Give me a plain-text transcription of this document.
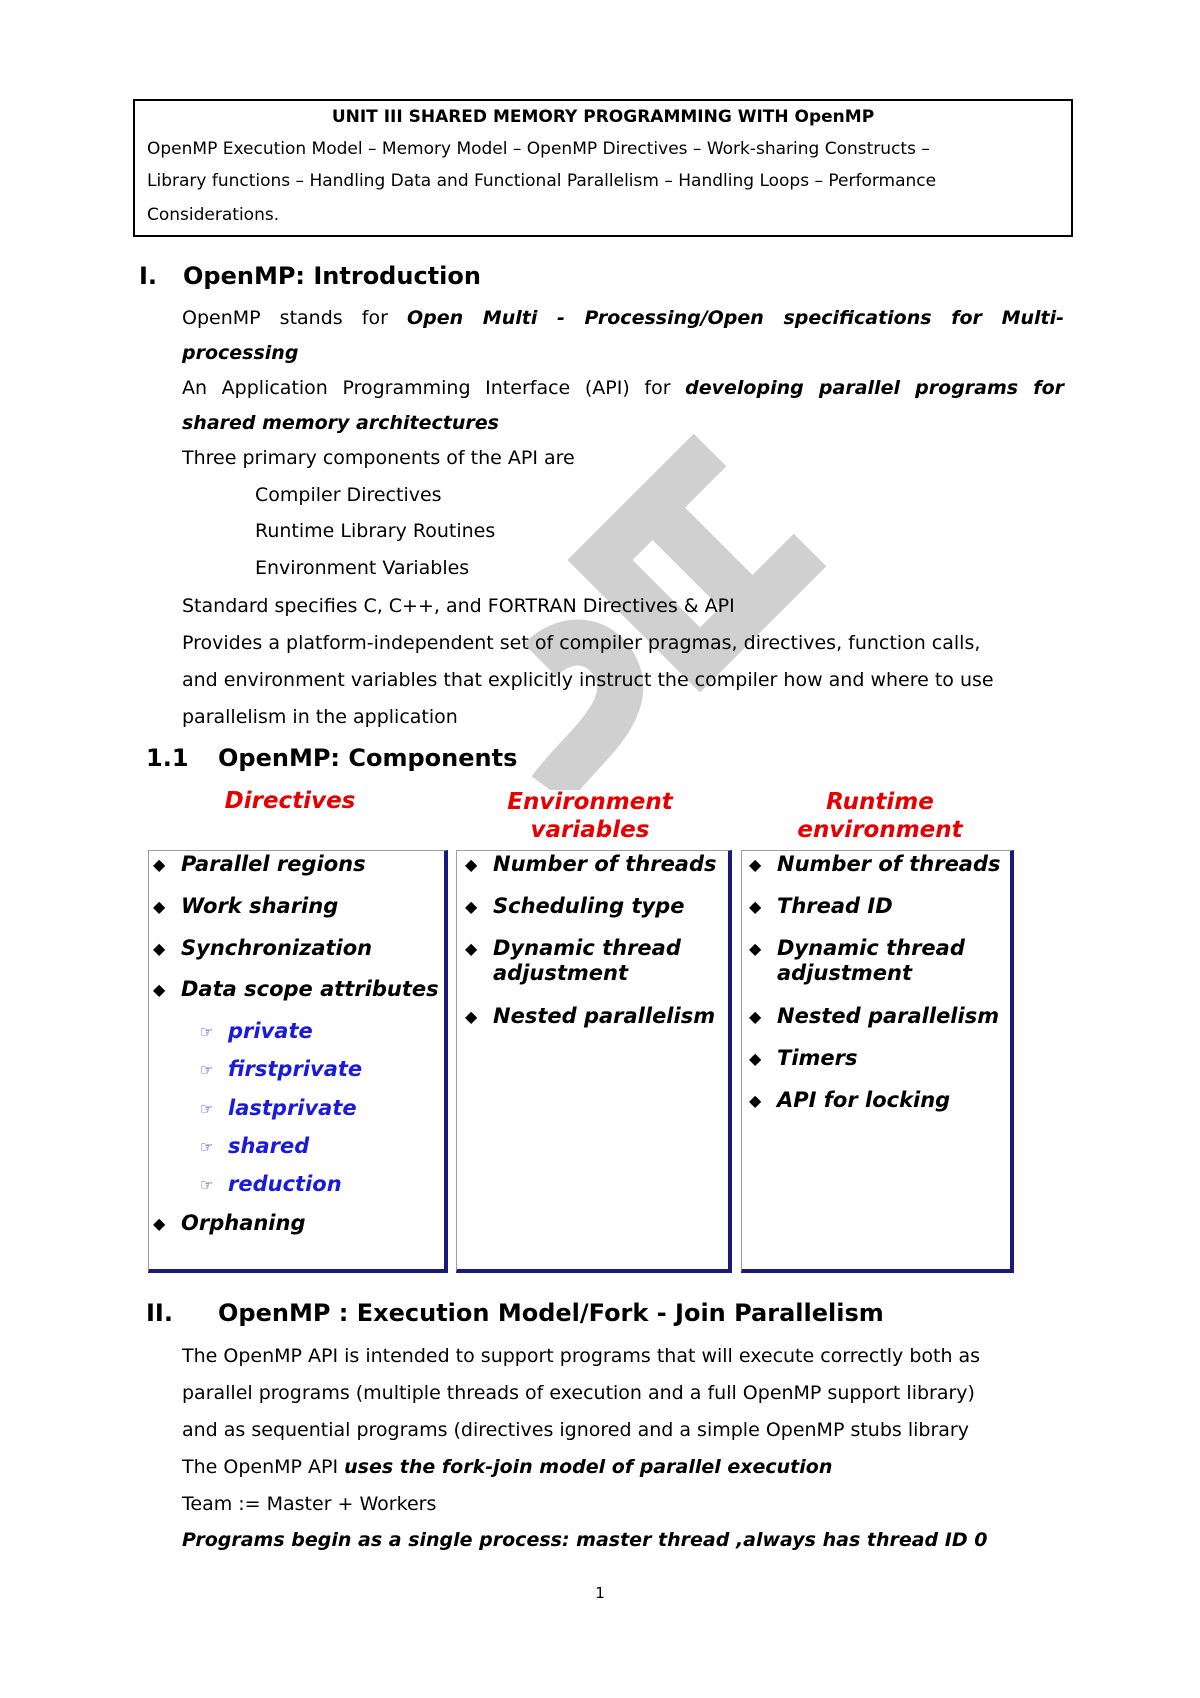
UNIT III SHARED MEMORY PROGRAMMING WITH OpenMP
OpenMP Execution Model – Memory Model – OpenMP Directives – Work-sharing Constructs –
Library functions – Handling Data and Functional Parallelism – Handling Loops – Performance
Considerations.
I. OpenMP: Introduction
OpenMP stands for Open Multi - Processing/Open specifications for Multi-
processing
An Application Programming Interface (API) for developing parallel programs for
shared memory architectures
Three primary components of the API are
Compiler Directives
Runtime Library Routines
Environment Variables
Standard specifies C, C++, and FORTRAN Directives & API
Provides a platform-independent set of compiler pragmas, directives, function calls,
and environment variables that explicitly instruct the compiler how and where to use
parallelism in the application
1.1 OpenMP: Components
Directives	Environment
variables
Runtime
environment
◆ Parallel regions
◆ Work sharing
◆ Synchronization
◆ Data scope attributes
☞ private
☞ firstprivate
☞ lastprivate
☞ shared
☞ reduction
◆ Orphaning
◆ Number of threads
◆ Scheduling type
◆ Dynamic thread
adjustment
◆ Nested parallelism
◆ Number of threads
◆ Thread ID
◆ Dynamic thread
adjustment
◆ Nested parallelism
◆ Timers
◆ API for locking
II. OpenMP : Execution Model/Fork - Join Parallelism
The OpenMP API is intended to support programs that will execute correctly both as
parallel programs (multiple threads of execution and a full OpenMP support library)
and as sequential programs (directives ignored and a simple OpenMP stubs library
The OpenMP API uses the fork-join model of parallel execution
Team := Master + Workers
Programs begin as a single process: master thread ,always has thread ID 0
1
